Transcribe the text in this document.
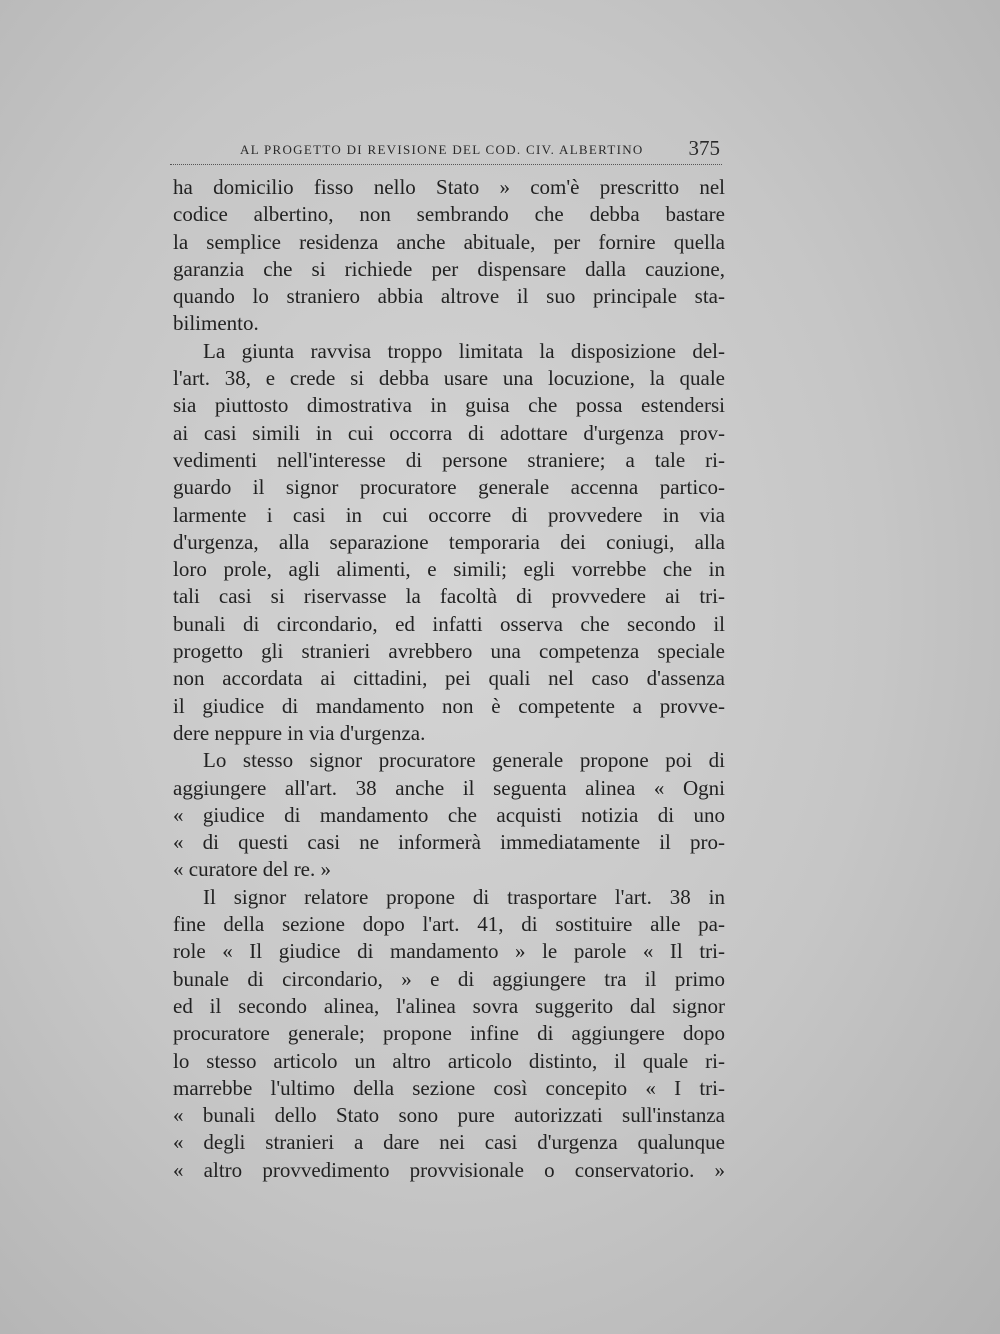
AL PROGETTO DI REVISIONE DEL COD. CIV. ALBERTINO 375
ha domicilio fisso nello Stato » com'è prescritto nel
codice albertino, non sembrando che debba bastare
la semplice residenza anche abituale, per fornire quella
garanzia che si richiede per dispensare dalla cauzione,
quando lo straniero abbia altrove il suo principale sta-
bilimento.
La giunta ravvisa troppo limitata la disposizione del-
l'art. 38, e crede si debba usare una locuzione, la quale
sia piuttosto dimostrativa in guisa che possa estendersi
ai casi simili in cui occorra di adottare d'urgenza prov-
vedimenti nell'interesse di persone straniere; a tale ri-
guardo il signor procuratore generale accenna partico-
larmente i casi in cui occorre di provvedere in via
d'urgenza, alla separazione temporaria dei coniugi, alla
loro prole, agli alimenti, e simili; egli vorrebbe che in
tali casi si riservasse la facoltà di provvedere ai tri-
bunali di circondario, ed infatti osserva che secondo il
progetto gli stranieri avrebbero una competenza speciale
non accordata ai cittadini, pei quali nel caso d'assenza
il giudice di mandamento non è competente a provve-
dere neppure in via d'urgenza.
Lo stesso signor procuratore generale propone poi di
aggiungere all'art. 38 anche il seguenta alinea « Ogni
« giudice di mandamento che acquisti notizia di uno
« di questi casi ne informerà immediatamente il pro-
« curatore del re. »
Il signor relatore propone di trasportare l'art. 38 in
fine della sezione dopo l'art. 41, di sostituire alle pa-
role « Il giudice di mandamento » le parole « Il tri-
bunale di circondario, » e di aggiungere tra il primo
ed il secondo alinea, l'alinea sovra suggerito dal signor
procuratore generale; propone infine di aggiungere dopo
lo stesso articolo un altro articolo distinto, il quale ri-
marrebbe l'ultimo della sezione così concepito « I tri-
« bunali dello Stato sono pure autorizzati sull'instanza
« degli stranieri a dare nei casi d'urgenza qualunque
« altro provvedimento provvisionale o conservatorio. »
